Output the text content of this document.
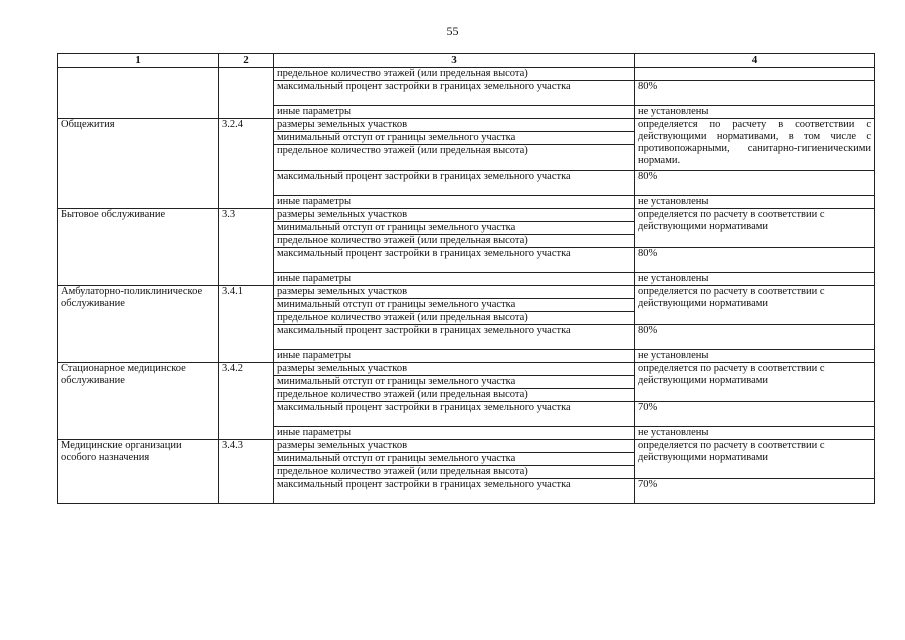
55
1	2	3	4
		предельное количество этажей (или предельная высота)	
		максимальный процент застройки в границах земельного участка	80%
		иные параметры	не установлены
Общежития	3.2.4	размеры земельных участков	определяется по расчету в соответствии с действующими нормативами, в том числе с противопожарными, санитарно-гигиеническими нормами.
		минимальный отступ от границы земельного участка	
		предельное количество этажей (или предельная высота)	
		максимальный процент застройки в границах земельного участка	80%
		иные параметры	не установлены
Бытовое обслуживание	3.3	размеры земельных участков	определяется по расчету в соответствии с действующими нормативами
		минимальный отступ от границы земельного участка	
		предельное количество этажей (или предельная высота)	
		максимальный процент застройки в границах земельного участка	80%
		иные параметры	не установлены
Амбулаторно-поликлиническое обслуживание	3.4.1	размеры земельных участков	определяется по расчету в соответствии с действующими нормативами
		минимальный отступ от границы земельного участка	
		предельное количество этажей (или предельная высота)	
		максимальный процент застройки в границах земельного участка	80%
		иные параметры	не установлены
Стационарное медицинское обслуживание	3.4.2	размеры земельных участков	определяется по расчету в соответствии с действующими нормативами
		минимальный отступ от границы земельного участка	
		предельное количество этажей (или предельная высота)	
		максимальный процент застройки в границах земельного участка	70%
		иные параметры	не установлены
Медицинские организации особого назначения	3.4.3	размеры земельных участков	определяется по расчету в соответствии с действующими нормативами
		минимальный отступ от границы земельного участка	
		предельное количество этажей (или предельная высота)	
		максимальный процент застройки в границах земельного участка	70%
